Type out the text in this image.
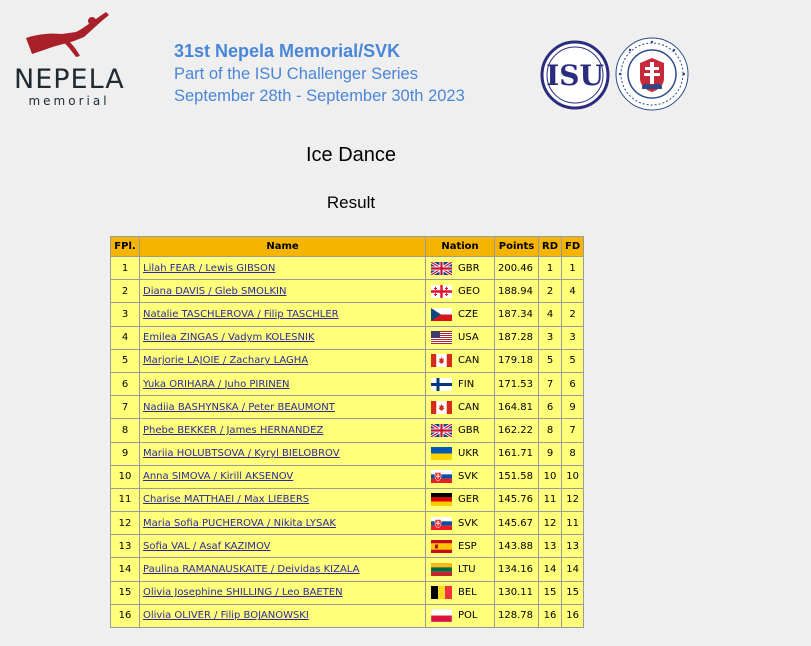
NEPELA
memorial
31st Nepela Memorial/SVK
Part of the ISU Challenger Series
September 28th - September 30th 2023
ISU
Ice Dance
Result
FPl.	Name	Nation	Points	RD	FD
1	Lilah FEAR / Lewis GIBSON	GBR	200.46	1	1
2	Diana DAVIS / Gleb SMOLKIN	GEO	188.94	2	4
3	Natalie TASCHLEROVA / Filip TASCHLER	CZE	187.34	4	2
4	Emilea ZINGAS / Vadym KOLESNIK	USA	187.28	3	3
5	Marjorie LAJOIE / Zachary LAGHA	CAN	179.18	5	5
6	Yuka ORIHARA / Juho PIRINEN	FIN	171.53	7	6
7	Nadiia BASHYNSKA / Peter BEAUMONT	CAN	164.81	6	9
8	Phebe BEKKER / James HERNANDEZ	GBR	162.22	8	7
9	Mariia HOLUBTSOVA / Kyryl BIELOBROV	UKR	161.71	9	8
10	Anna SIMOVA / Kirill AKSENOV	SVK	151.58	10	10
11	Charise MATTHAEI / Max LIEBERS	GER	145.76	11	12
12	Maria Sofia PUCHEROVA / Nikita LYSAK	SVK	145.67	12	11
13	Sofia VAL / Asaf KAZIMOV	ESP	143.88	13	13
14	Paulina RAMANAUSKAITE / Deividas KIZALA	LTU	134.16	14	14
15	Olivia Josephine SHILLING / Leo BAETEN	BEL	130.11	15	15
16	Olivia OLIVER / Filip BOJANOWSKI	POL	128.78	16	16
